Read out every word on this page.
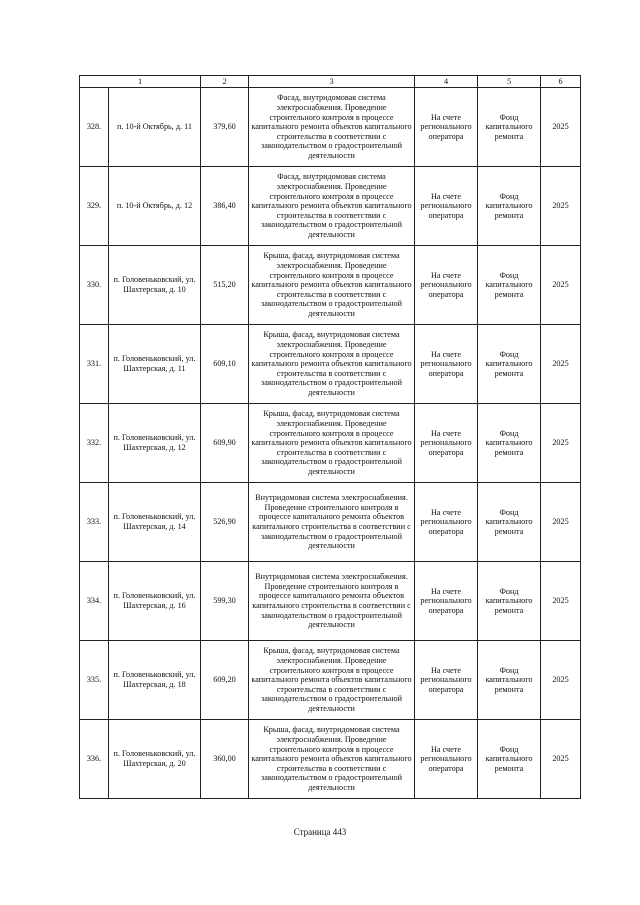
1		2	3	4	5	6
328.	п. 10-й Октябрь, д. 11	379,60	Фасад, внутридомовая система электроснабжения. Проведение строительного контроля в процессе капитального ремонта объектов капитального строительства в соответствии с законодательством о градостроительной деятельности	На счете регионального оператора	Фонд капитального ремонта	2025
329.	п. 10-й Октябрь, д. 12	386,40	Фасад, внутридомовая система электроснабжения. Проведение строительного контроля в процессе капитального ремонта объектов капитального строительства в соответствии с законодательством о градостроительной деятельности	На счете регионального оператора	Фонд капитального ремонта	2025
330.	п. Головеньковский, ул. Шахтерская, д. 10	515,20	Крыша, фасад, внутридомовая система электроснабжения. Проведение строительного контроля в процессе капитального ремонта объектов капитального строительства в соответствии с законодательством о градостроительной деятельности	На счете регионального оператора	Фонд капитального ремонта	2025
331.	п. Головеньковский, ул. Шахтерская, д. 11	609,10	Крыша, фасад, внутридомовая система электроснабжения. Проведение строительного контроля в процессе капитального ремонта объектов капитального строительства в соответствии с законодательством о градостроительной деятельности	На счете регионального оператора	Фонд капитального ремонта	2025
332.	п. Головеньковский, ул. Шахтерская, д. 12	609,90	Крыша, фасад, внутридомовая система электроснабжения. Проведение строительного контроля в процессе капитального ремонта объектов капитального строительства в соответствии с законодательством о градостроительной деятельности	На счете регионального оператора	Фонд капитального ремонта	2025
333.	п. Головеньковский, ул. Шахтерская, д. 14	526,90	Внутридомовая система электроснабжения. Проведение строительного контроля в процессе капитального ремонта объектов капитального строительства в соответствии с законодательством о градостроительной деятельности	На счете регионального оператора	Фонд капитального ремонта	2025
334.	п. Головеньковский, ул. Шахтерская, д. 16	599,30	Внутридомовая система электроснабжения. Проведение строительного контроля в процессе капитального ремонта объектов капитального строительства в соответствии с законодательством о градостроительной деятельности	На счете регионального оператора	Фонд капитального ремонта	2025
335.	п. Головеньковский, ул. Шахтерская, д. 18	609,20	Крыша, фасад, внутридомовая система электроснабжения. Проведение строительного контроля в процессе капитального ремонта объектов капитального строительства в соответствии с законодательством о градостроительной деятельности	На счете регионального оператора	Фонд капитального ремонта	2025
336.	п. Головеньковский, ул. Шахтерская, д. 20	360,00	Крыша, фасад, внутридомовая система электроснабжения. Проведение строительного контроля в процессе капитального ремонта объектов капитального строительства в соответствии с законодательством о градостроительной деятельности	На счете регионального оператора	Фонд капитального ремонта	2025
Страница 443
